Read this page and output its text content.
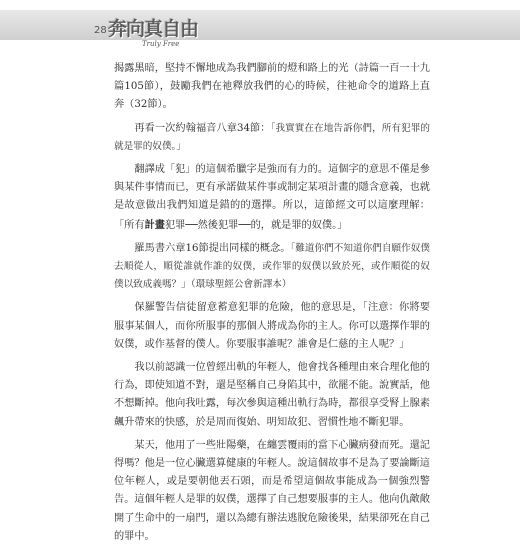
28 奔向真自由
Truly Free

揭露黑暗，堅持不懈地成為我們腳前的燈和路上的光（詩篇一百一十九篇105節），鼓勵我們在祂釋放我們的心的時候，往祂命令的道路上直奔（32節）。

再看一次約翰福音八章34節：「我實實在在地告訴你們，所有犯罪的就是罪的奴僕。」

翻譯成「犯」的這個希臘字是強而有力的。這個字的意思不僅是參與某件事情而已，更有承諾做某件事或制定某項計畫的隱含意義，也就是故意做出我們知道是錯的的選擇。所以，這節經文可以這麼理解：「所有計畫犯罪──然後犯罪──的，就是罪的奴僕。」

羅馬書六章16節提出同樣的概念。「難道你們不知道你們自願作奴僕去順從人，順從誰就作誰的奴僕，或作罪的奴僕以致於死，或作順從的奴僕以致成義嗎？」（環球聖經公會新譯本）

保羅警告信徒留意蓄意犯罪的危險，他的意思是，「注意：你將要服事某個人，而你所服事的那個人將成為你的主人。你可以選擇作罪的奴僕，或作基督的僕人。你要服事誰呢？誰會是仁慈的主人呢？」

我以前認識一位曾經出軌的年輕人，他會找各種理由來合理化他的行為，即使知道不對，還是堅稱自己身陷其中，欲罷不能。說實話，他不想斷掉。他向我吐露，每次參與這種出軌行為時，都很享受腎上腺素飆升帶來的快感，於是周而復始、明知故犯、習慣性地不斷犯罪。

某天，他用了一些壯陽藥，在纏雲覆雨的當下心臟病發而死。還記得嗎？他是一位心臟選算健康的年輕人。說這個故事不是為了要論斷這位年輕人，或是要朝他丟石頭，而是希望這個故事能成為一個強烈警告。這個年輕人是罪的奴僕，選擇了自己想要服事的主人。他向仇敵敞開了生命中的一扇門，還以為總有辦法逃脫危險後果，結果卻死在自己的罪中。
